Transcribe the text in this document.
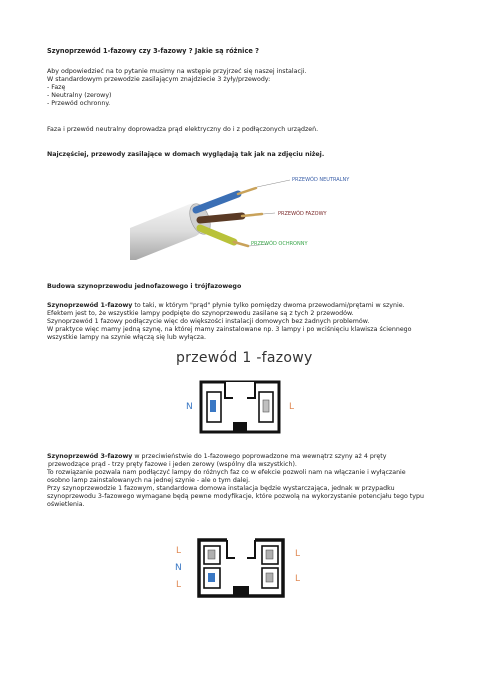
Szynoprzewód 1-fazowy czy 3-fazowy ? Jakie są różnice ?
Aby odpowiedzieć na to pytanie musimy na wstępie przyjrzeć się naszej instalacji.
W standardowym przewodzie zasilającym znajdziecie 3 żyły/przewody:
- Fazę
- Neutralny (zerowy)
- Przewód ochronny.
Faza i przewód neutralny doprowadza prąd elektryczny do i z podłączonych urządzeń.
Najczęściej, przewody zasilające w domach wyglądają tak jak na zdjęciu niżej.
PRZEWÓD NEUTRALNY
PRZEWÓD FAZOWY
PRZEWÓD OCHRONNY
Budowa szynoprzewodu jednofazowego i trójfazowego
Szynoprzewód 1-fazowy to taki, w którym "prąd" płynie tylko pomiędzy dwoma przewodami/prętami w szynie.
Efektem jest to, że wszystkie lampy podpięte do szynoprzewodu zasilane są z tych 2 przewodów.
Szynoprzewód 1 fazowy podłączycie więc do większości instalacji domowych bez żadnych problemów.
W praktyce więc mamy jedną szynę, na której mamy zainstalowane np. 3 lampy i po wciśnięciu klawisza ściennego
wszystkie lampy na szynie włączą się lub wyłącza.
przewód 1 -fazowy
N	L
Szynoprzewód 3-fazowy w przeciwieństwie do 1-fazowego poprowadzone ma wewnątrz szyny aż 4 pręty
przewodzące prąd - trzy pręty fazowe i jeden zerowy (wspólny dla wszystkich).
To rozwiązanie pozwala nam podłączyć lampy do różnych faz co w efekcie pozwoli nam na włączanie i wyłączanie
osobno lamp zainstalowanych na jednej szynie - ale o tym dalej.
Przy szynoprzewodzie 1 fazowym, standardowa domowa instalacja będzie wystarczająca, jednak w przypadku
szynoprzewodu 3-fazowego wymagane będą pewne modyfikacje, które pozwolą na wykorzystanie potencjału tego typu
oświetlenia.
L
N
L
L
L
